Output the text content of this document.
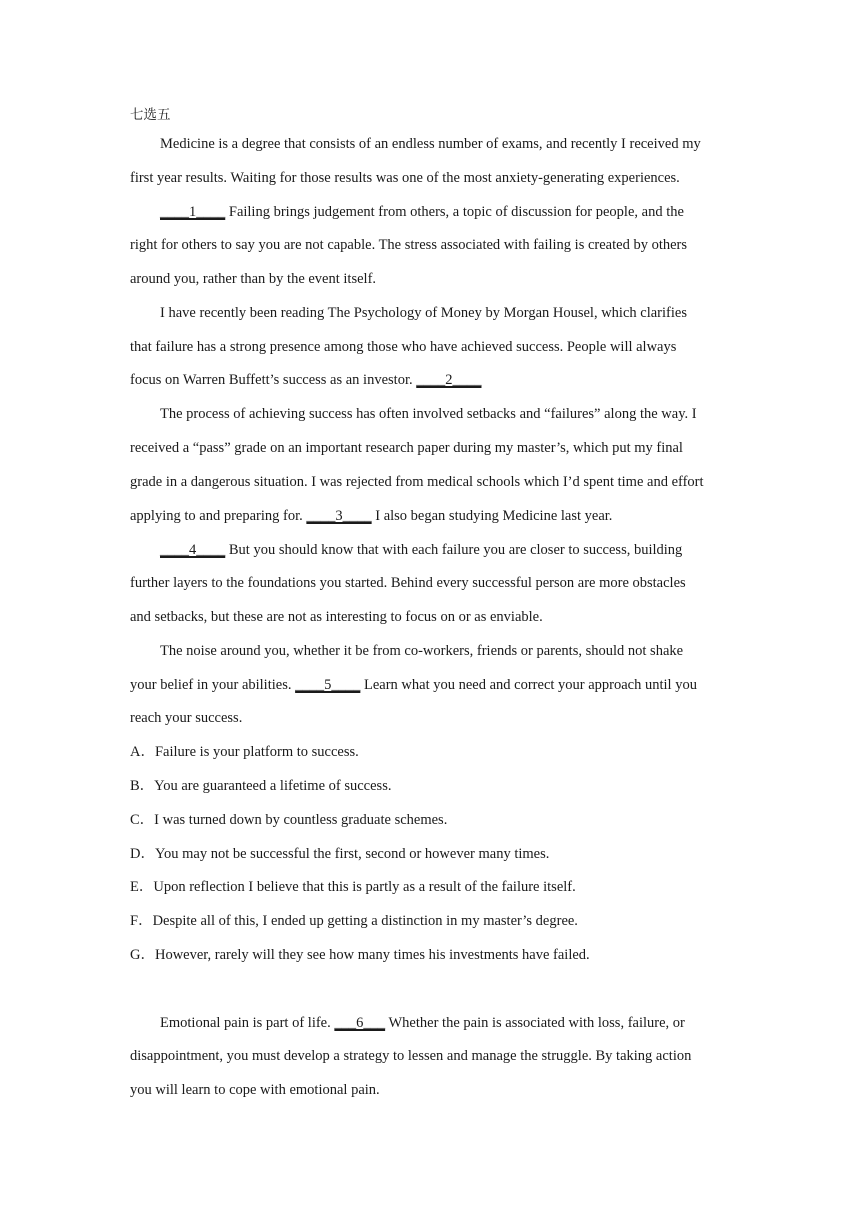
七选五
Medicine is a degree that consists of an endless number of exams, and recently I received my
first year results. Waiting for those results was one of the most anxiety-generating experiences.
____1____ Failing brings judgement from others, a topic of discussion for people, and the
right for others to say you are not capable. The stress associated with failing is created by others
around you, rather than by the event itself.
I have recently been reading The Psychology of Money by Morgan Housel, which clarifies
that failure has a strong presence among those who have achieved success. People will always
focus on Warren Buffett’s success as an investor. ____2____
The process of achieving success has often involved setbacks and “failures” along the way. I
received a “pass” grade on an important research paper during my master’s, which put my final
grade in a dangerous situation. I was rejected from medical schools which I’d spent time and effort
applying to and preparing for. ____3____ I also began studying Medicine last year.
____4____ But you should know that with each failure you are closer to success, building
further layers to the foundations you started. Behind every successful person are more obstacles
and setbacks, but these are not as interesting to focus on or as enviable.
The noise around you, whether it be from co-workers, friends or parents, should not shake
your belief in your abilities. ____5____ Learn what you need and correct your approach until you
reach your success.
A．Failure is your platform to success.
B．You are guaranteed a lifetime of success.
C．I was turned down by countless graduate schemes.
D．You may not be successful the first, second or however many times.
E．Upon reflection I believe that this is partly as a result of the failure itself.
F．Despite all of this, I ended up getting a distinction in my master’s degree.
G．However, rarely will they see how many times his investments have failed.
Emotional pain is part of life. ___6___ Whether the pain is associated with loss, failure, or
disappointment, you must develop a strategy to lessen and manage the struggle. By taking action
you will learn to cope with emotional pain.
